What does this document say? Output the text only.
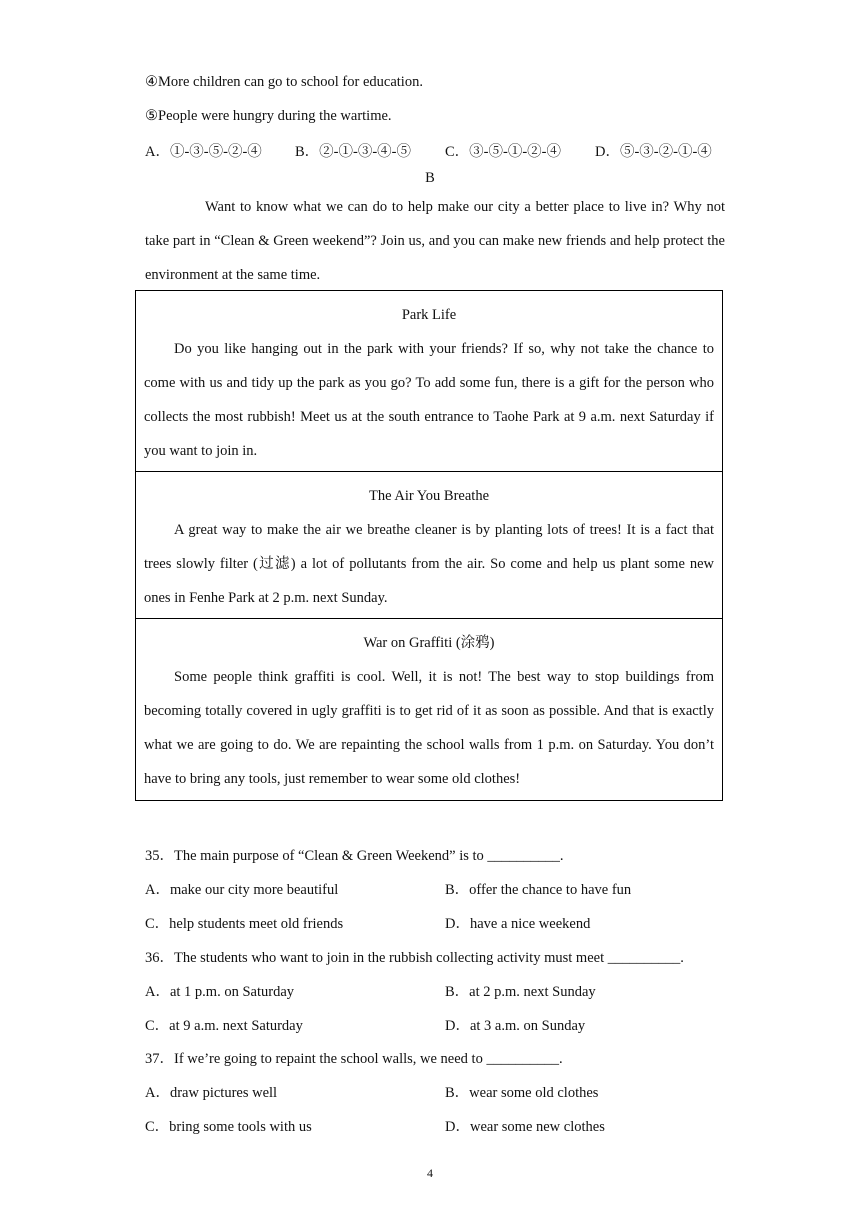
④More children can go to school for education.
⑤People were hungry during the wartime.
A．①-③-⑤-②-④ B．②-①-③-④-⑤ C．③-⑤-①-②-④ D．⑤-③-②-①-④
B

Want to know what we can do to help make our city a better place to live in? Why not take part in “Clean & Green weekend”? Join us, and you can make new friends and help protect the environment at the same time.

Park Life

Do you like hanging out in the park with your friends? If so, why not take the chance to come with us and tidy up the park as you go? To add some fun, there is a gift for the person who collects the most rubbish! Meet us at the south entrance to Taohe Park at 9 a.m. next Saturday if you want to join in.

The Air You Breathe

A great way to make the air we breathe cleaner is by planting lots of trees! It is a fact that trees slowly filter (过滤) a lot of pollutants from the air. So come and help us plant some new ones in Fenhe Park at 2 p.m. next Sunday.

War on Graffiti (涂鸦)

Some people think graffiti is cool. Well, it is not! The best way to stop buildings from becoming totally covered in ugly graffiti is to get rid of it as soon as possible. And that is exactly what we are going to do. We are repainting the school walls from 1 p.m. on Saturday. You don’t have to bring any tools, just remember to wear some old clothes!

35．The main purpose of “Clean & Green Weekend” is to __________.
A．make our city more beautiful	B．offer the chance to have fun
C．help students meet old friends	D．have a nice weekend
36．The students who want to join in the rubbish collecting activity must meet __________.
A．at 1 p.m. on Saturday	B．at 2 p.m. next Sunday
C．at 9 a.m. next Saturday	D．at 3 a.m. on Sunday
37．If we’re going to repaint the school walls, we need to __________.
A．draw pictures well	B．wear some old clothes
C．bring some tools with us	D．wear some new clothes
4
